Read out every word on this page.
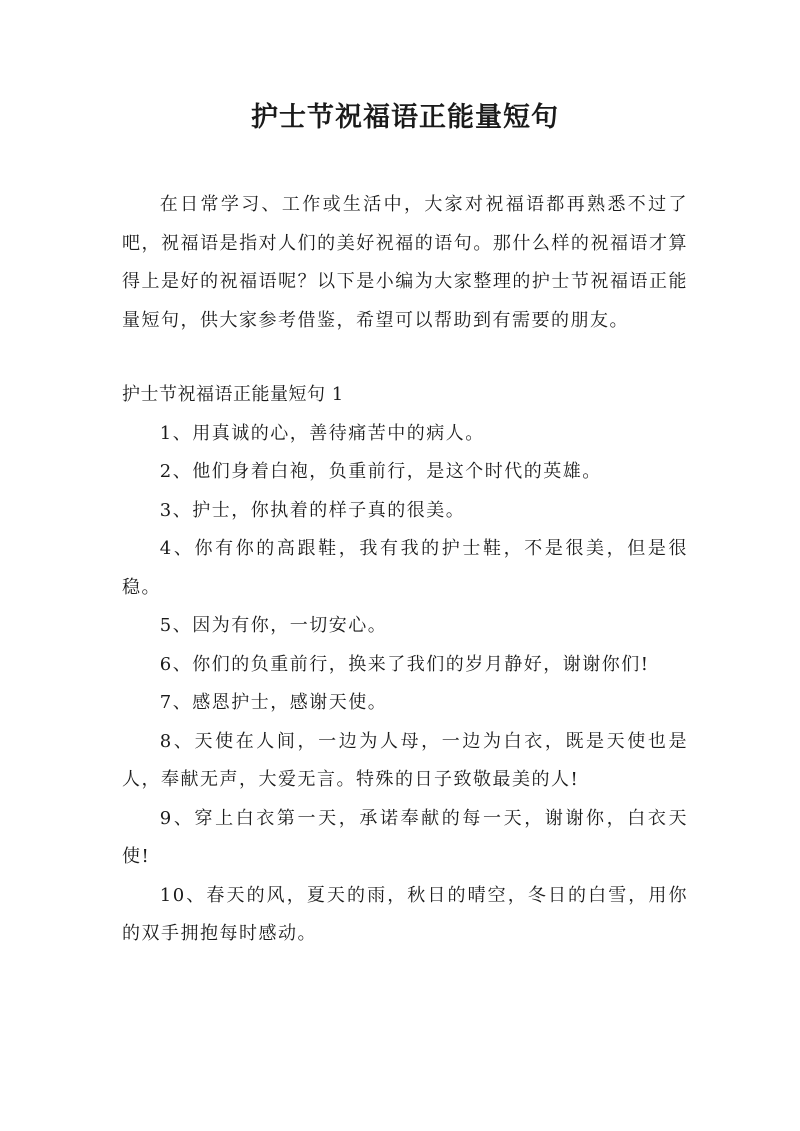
护士节祝福语正能量短句

在日常学习、工作或生活中，大家对祝福语都再熟悉不过了吧，祝福语是指对人们的美好祝福的语句。那什么样的祝福语才算得上是好的祝福语呢？以下是小编为大家整理的护士节祝福语正能量短句，供大家参考借鉴，希望可以帮助到有需要的朋友。

护士节祝福语正能量短句 1

1、用真诚的心，善待痛苦中的病人。

2、他们身着白袍，负重前行，是这个时代的英雄。

3、护士，你执着的样子真的很美。

4、你有你的高跟鞋，我有我的护士鞋，不是很美，但是很稳。

5、因为有你，一切安心。

6、你们的负重前行，换来了我们的岁月静好，谢谢你们!

7、感恩护士，感谢天使。

8、天使在人间，一边为人母，一边为白衣，既是天使也是人，奉献无声，大爱无言。特殊的日子致敬最美的人!

9、穿上白衣第一天，承诺奉献的每一天，谢谢你，白衣天使!

10、春天的风，夏天的雨，秋日的晴空，冬日的白雪，用你的双手拥抱每时感动。
